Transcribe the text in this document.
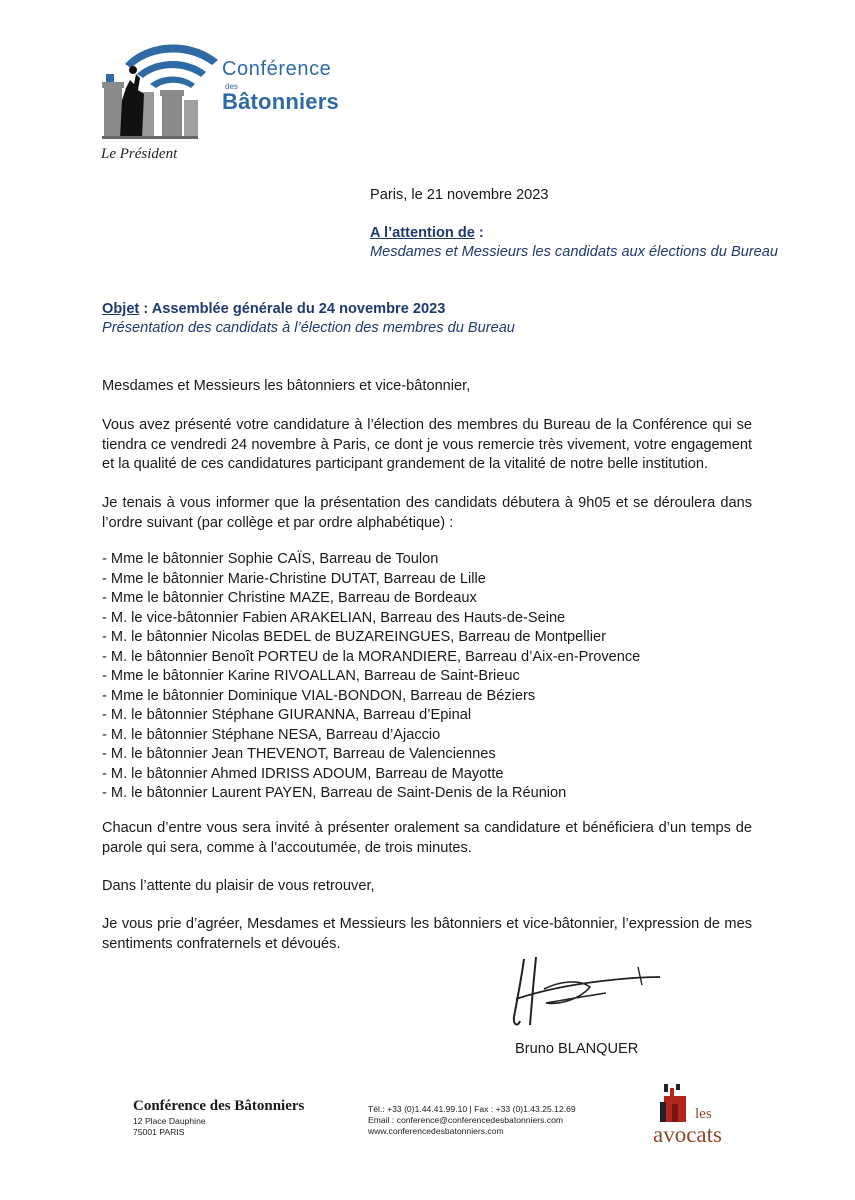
Conférence
des
Bâtonniers
Le Président
Paris, le 21 novembre 2023
A l’attention de :
Mesdames et Messieurs les candidats aux élections du Bureau
Objet : Assemblée générale du 24 novembre 2023
Présentation des candidats à l’élection des membres du Bureau
Mesdames et Messieurs les bâtonniers et vice-bâtonnier,
Vous avez présenté votre candidature à l’élection des membres du Bureau de la Conférence qui se tiendra ce vendredi 24 novembre à Paris, ce dont je vous remercie très vivement, votre engagement et la qualité de ces candidatures participant grandement de la vitalité de notre belle institution.
Je tenais à vous informer que la présentation des candidats débutera à 9h05 et se déroulera dans l’ordre suivant (par collège et par ordre alphabétique) :
- Mme le bâtonnier Sophie CAÏS, Barreau de Toulon
- Mme le bâtonnier Marie-Christine DUTAT, Barreau de Lille
- Mme le bâtonnier Christine MAZE, Barreau de Bordeaux
- M. le vice-bâtonnier Fabien ARAKELIAN, Barreau des Hauts-de-Seine
- M. le bâtonnier Nicolas BEDEL de BUZAREINGUES, Barreau de Montpellier
- M. le bâtonnier Benoît PORTEU de la MORANDIERE, Barreau d’Aix-en-Provence
- Mme le bâtonnier Karine RIVOALLAN, Barreau de Saint-Brieuc
- Mme le bâtonnier Dominique VIAL-BONDON, Barreau de Béziers
- M. le bâtonnier Stéphane GIURANNA, Barreau d’Epinal
- M. le bâtonnier Stéphane NESA, Barreau d’Ajaccio
- M. le bâtonnier Jean THEVENOT, Barreau de Valenciennes
- M. le bâtonnier Ahmed IDRISS ADOUM, Barreau de Mayotte
- M. le bâtonnier Laurent PAYEN, Barreau de Saint-Denis de la Réunion
Chacun d’entre vous sera invité à présenter oralement sa candidature et bénéficiera d’un temps de parole qui sera, comme à l’accoutumée, de trois minutes.
Dans l’attente du plaisir de vous retrouver,
Je vous prie d’agréer, Mesdames et Messieurs les bâtonniers et vice-bâtonnier, l’expression de mes sentiments confraternels et dévoués.
Bruno BLANQUER
Conférence des Bâtonniers
12 Place Dauphine
75001 PARIS
Tél.: +33 (0)1.44.41.99.10 | Fax : +33 (0)1.43.25.12.69
Email : conference@conferencedesbatonniers.com
www.conferencedesbatonniers.com
les
avocats
